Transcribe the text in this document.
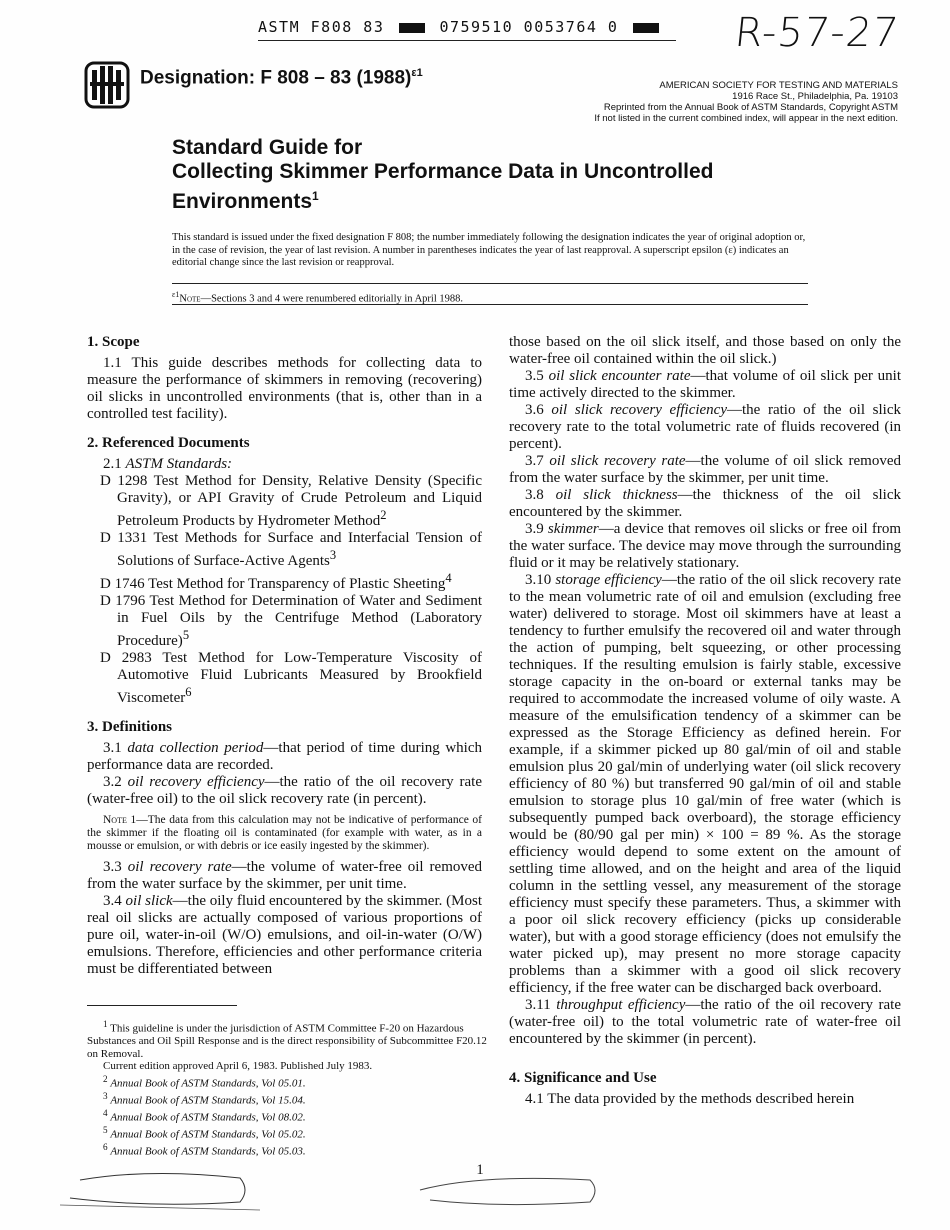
ASTM F808 83	0759510 0053764 0	R-57-27
Designation: F 808 – 83 $(1988)^{\varepsilon 1}$
AMERICAN SOCIETY FOR TESTING AND MATERIALS
1916 Race St., Philadelphia, Pa. 19103
Reprinted from the Annual Book of ASTM Standards, Copyright ASTM
If not listed in the current combined index, will appear in the next edition.
Standard Guide for
Collecting Skimmer Performance Data in Uncontrolled
Environments$^1$
This standard is issued under the fixed designation F 808; the number immediately following the designation indicates the year of original adoption or, in the case of revision, the year of last revision. A number in parentheses indicates the year of last reapproval. A superscript epsilon (ε) indicates an editorial change since the last revision or reapproval.
$^{\varepsilon 1}$Note—Sections 3 and 4 were renumbered editorially in April 1988.

1. Scope

1.1 This guide describes methods for collecting data to measure the performance of skimmers in removing (recovering) oil slicks in uncontrolled environments (that is, other than in a controlled test facility).

2. Referenced Documents

2.1 ASTM Standards:

D 1298 Test Method for Density, Relative Density (Specific Gravity), or API Gravity of Crude Petroleum and Liquid Petroleum Products by Hydrometer Method$^2$

D 1331 Test Methods for Surface and Interfacial Tension of Solutions of Surface-Active Agents$^3$

D 1746 Test Method for Transparency of Plastic Sheeting$^4$

D 1796 Test Method for Determination of Water and Sediment in Fuel Oils by the Centrifuge Method (Laboratory Procedure)$^5$

D 2983 Test Method for Low-Temperature Viscosity of Automotive Fluid Lubricants Measured by Brookfield Viscometer$^6$

3. Definitions

3.1 data collection period—that period of time during which performance data are recorded.

3.2 oil recovery efficiency—the ratio of the oil recovery rate (water-free oil) to the oil slick recovery rate (in percent).

Note 1—The data from this calculation may not be indicative of performance of the skimmer if the floating oil is contaminated (for example with water, as in a mousse or emulsion, or with debris or ice easily ingested by the skimmer).

3.3 oil recovery rate—the volume of water-free oil removed from the water surface by the skimmer, per unit time.

3.4 oil slick—the oily fluid encountered by the skimmer. (Most real oil slicks are actually composed of various proportions of pure oil, water-in-oil (W/O) emulsions, and oil-in-water (O/W) emulsions. Therefore, efficiencies and other performance criteria must be differentiated between

those based on the oil slick itself, and those based on only the water-free oil contained within the oil slick.)

3.5 oil slick encounter rate—that volume of oil slick per unit time actively directed to the skimmer.

3.6 oil slick recovery efficiency—the ratio of the oil slick recovery rate to the total volumetric rate of fluids recovered (in percent).

3.7 oil slick recovery rate—the volume of oil slick removed from the water surface by the skimmer, per unit time.

3.8 oil slick thickness—the thickness of the oil slick encountered by the skimmer.

3.9 skimmer—a device that removes oil slicks or free oil from the water surface. The device may move through the surrounding fluid or it may be relatively stationary.

3.10 storage efficiency—the ratio of the oil slick recovery rate to the mean volumetric rate of oil and emulsion (excluding free water) delivered to storage. Most oil skimmers have at least a tendency to further emulsify the recovered oil and water through the action of pumping, belt squeezing, or other processing techniques. If the resulting emulsion is fairly stable, excessive storage capacity in the on-board or external tanks may be required to accommodate the increased volume of oily waste. A measure of the emulsification tendency of a skimmer can be expressed as the Storage Efficiency as defined herein. For example, if a skimmer picked up 80 gal/min of oil and stable emulsion plus 20 gal/min of underlying water (oil slick recovery efficiency of 80 %) but transferred 90 gal/min of oil and stable emulsion to storage plus 10 gal/min of free water (which is subsequently pumped back overboard), the storage efficiency would be (80/90 gal per min) × 100 = 89 %. As the storage efficiency would depend to some extent on the amount of settling time allowed, and on the height and area of the liquid column in the settling vessel, any measurement of the storage efficiency must specify these parameters. Thus, a skimmer with a poor oil slick recovery efficiency (picks up considerable water), but with a good storage efficiency (does not emulsify the water picked up), may present no more storage capacity problems than a skimmer with a good oil slick recovery efficiency, if the free water can be discharged back overboard.

3.11 throughput efficiency—the ratio of the oil recovery rate (water-free oil) to the total volumetric rate of water-free oil encountered by the skimmer (in percent).

4. Significance and Use

4.1 The data provided by the methods described herein

$^1$ This guideline is under the jurisdiction of ASTM Committee F-20 on Hazardous Substances and Oil Spill Response and is the direct responsibility of Subcommittee F20.12 on Removal.
Current edition approved April 6, 1983. Published July 1983.
$^2$ Annual Book of ASTM Standards, Vol 05.01.
$^3$ Annual Book of ASTM Standards, Vol 15.04.
$^4$ Annual Book of ASTM Standards, Vol 08.02.
$^5$ Annual Book of ASTM Standards, Vol 05.02.
$^6$ Annual Book of ASTM Standards, Vol 05.03.
1
